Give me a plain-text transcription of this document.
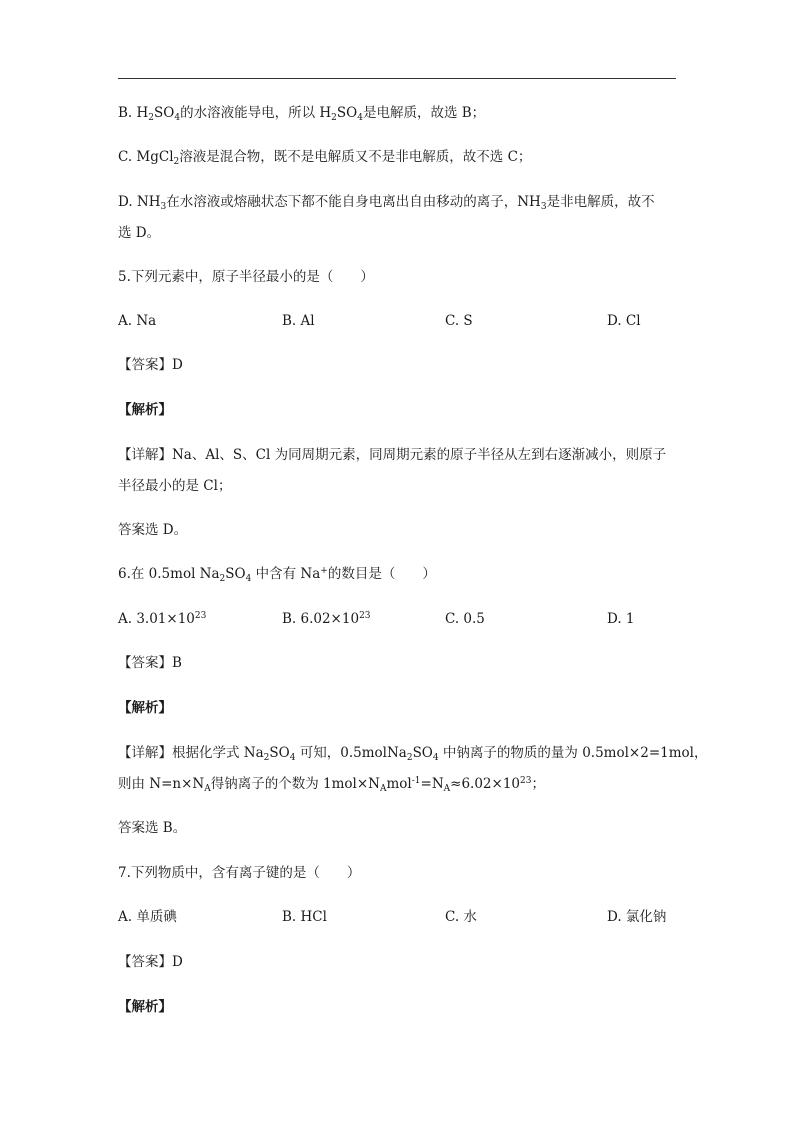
B. $H_2SO_4$的水溶液能导电，所以 $H_2SO_4$是电解质，故选 B；
C. MgCl$_2$溶液是混合物，既不是电解质又不是非电解质，故不选 C；
D. $NH_3$在水溶液或熔融状态下都不能自身电离出自由移动的离子，$NH_3$是非电解质，故不
选 D。
5.下列元素中，原子半径最小的是（　　）
A. Na	B. Al	C. S	D. Cl
【答案】D
【解析】
【详解】Na、Al、S、Cl 为同周期元素，同周期元素的原子半径从左到右逐渐减小，则原子
半径最小的是 Cl；
答案选 D。
6.在 0.5mol $Na_2SO_4$ 中含有 Na+的数目是（　　）
A. $3.01\times 10^{23}$	B. $6.02\times 10^{23}$	C. 0.5	D. 1
【答案】B
【解析】
【详解】根据化学式 $Na_2SO_4$ 可知，$0.5molNa_2SO_4$ 中钠离子的物质的量为 0.5mol×2=1mol，
则由 $N=n\times N_A$得钠离子的个数为 $1mol\times N_Amol^{-1}=N_A\approx 6.02\times 10^{23}$；
答案选 B。
7.下列物质中，含有离子键的是（　　）
A. 单质碘	B. HCl	C. 水	D. 氯化钠
【答案】D
【解析】
